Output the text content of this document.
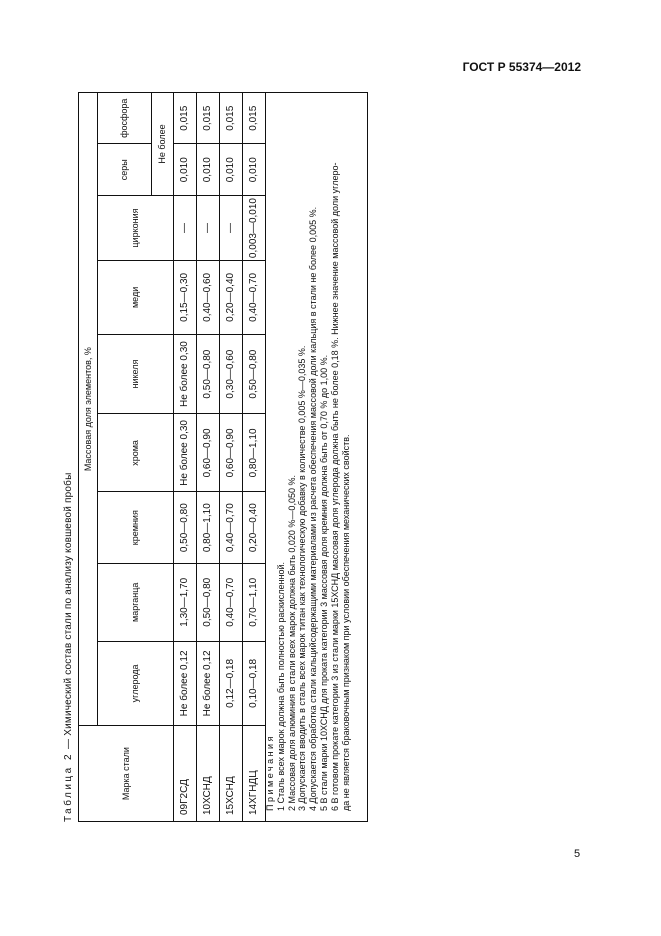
ГОСТ Р 55374—2012
Таблица 2 — Химический состав стали по анализу ковшевой пробы
Марка стали	Массовая доля элементов, %								
	углерода	марганца	кремния	хрома	никеля	меди	циркония	серы	фосфора
								Не более	
09Г2СД	Не более 0,12	1,30—1,70	0,50—0,80	Не более 0,30	Не более 0,30	0,15—0,30	—	0,010	0,015
10ХСНД	Не более 0,12	0,50—0,80	0,80—1,10	0,60—0,90	0,50—0,80	0,40—0,60	—	0,010	0,015
15ХСНД	0,12—0,18	0,40—0,70	0,40—0,70	0,60—0,90	0,30—0,60	0,20—0,40	—	0,010	0,015
14ХГНДЦ	0,10—0,18	0,70—1,10	0,20—0,40	0,80—1,10	0,50—0,80	0,40—0,70	0,003—0,010	0,010	0,015
Примечания 1 Сталь всех марок должна быть полностью раскисленной. 2 Массовая доля алюминия в стали всех марок должна быть 0,020 %—0,050 %. 3 Допускается вводить в сталь всех марок титан как технологическую добавку в количестве 0,005 %—0,035 %. 4 Допускается обработка стали кальцийсодержащими материалами из расчета обеспечения массовой доли кальция в стали не более 0,005 %. 5 В стали марки 10ХСНД для проката категории 3 массовая доля кремния должна быть от 0,70 % до 1,00 %. 6 В готовом прокате категории 3 из стали марки 15ХСНД массовая доля углерода должна быть не более 0,18 %. Нижнее значение массовой доли углеро- да не является браковочным признаком при условии обеспечения механических свойств.
5
